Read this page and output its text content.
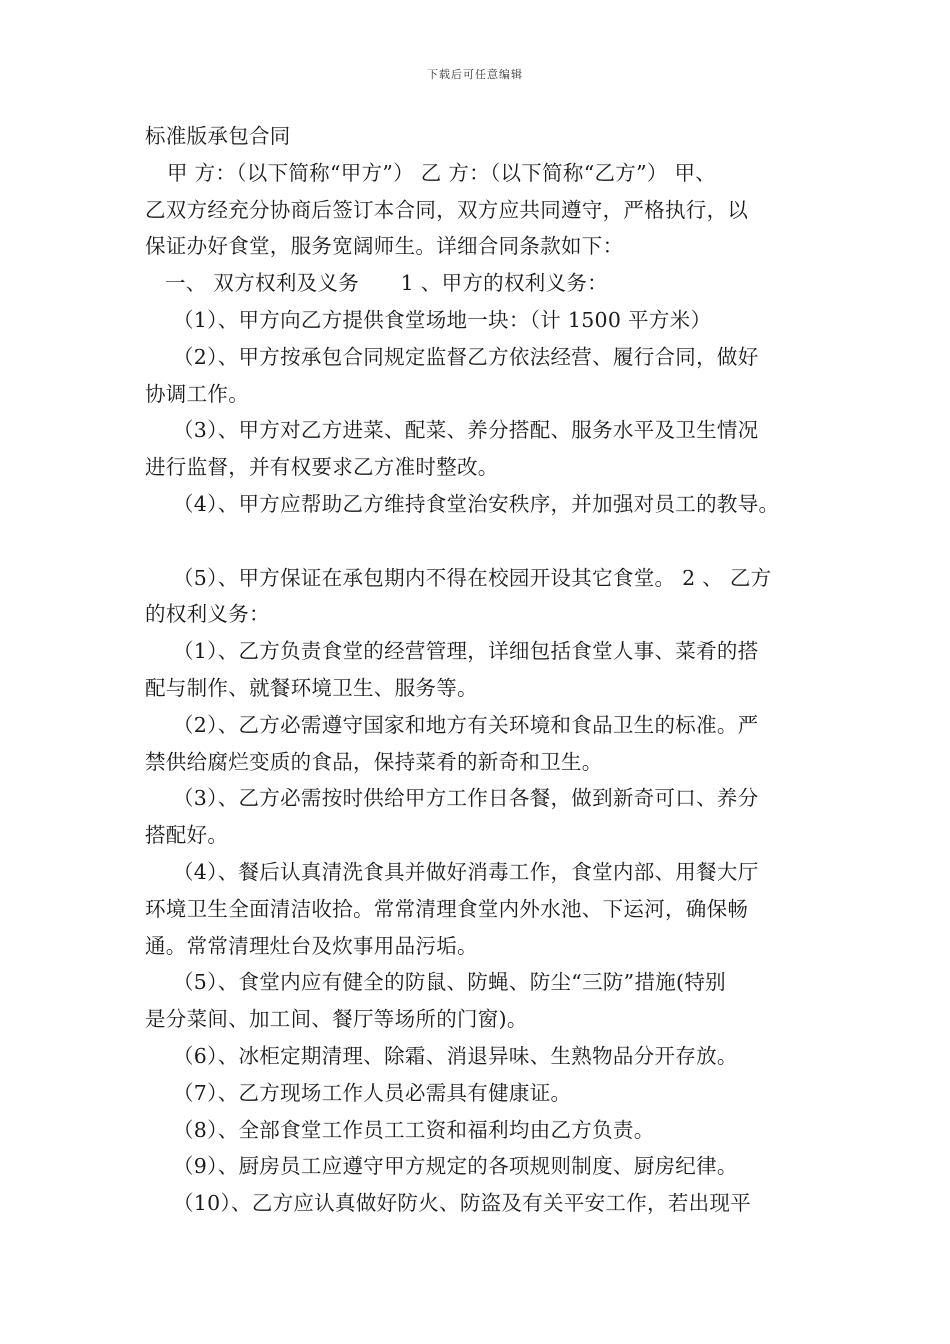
下载后可任意编辑

标准版承包合同

甲 方：（以下简称“甲方”） 乙 方：（以下简称“乙方”） 甲、

乙双方经充分协商后签订本合同，双方应共同遵守，严格执行，以

保证办好食堂，服务宽阔师生。详细合同条款如下：

一、 双方权利及义务　　1 、甲方的权利义务：

（1）、甲方向乙方提供食堂场地一块：（计 1500 平方米）

（2）、甲方按承包合同规定监督乙方依法经营、履行合同，做好

协调工作。

（3）、甲方对乙方进菜、配菜、养分搭配、服务水平及卫生情况

进行监督，并有权要求乙方准时整改。

（4）、甲方应帮助乙方维持食堂治安秩序，并加强对员工的教导。

（5）、甲方保证在承包期内不得在校园开设其它食堂。 2 、 乙方

的权利义务：

（1）、乙方负责食堂的经营管理，详细包括食堂人事、菜肴的搭

配与制作、就餐环境卫生、服务等。

（2）、乙方必需遵守国家和地方有关环境和食品卫生的标准。严

禁供给腐烂变质的食品，保持菜肴的新奇和卫生。

（3）、乙方必需按时供给甲方工作日各餐，做到新奇可口、养分

搭配好。

（4）、餐后认真清洗食具并做好消毒工作，食堂内部、用餐大厅

环境卫生全面清洁收拾。常常清理食堂内外水池、下运河，确保畅

通。常常清理灶台及炊事用品污垢。

（5）、食堂内应有健全的防鼠、防蝇、防尘“三防”措施(特别

是分菜间、加工间、餐厅等场所的门窗)。

（6）、冰柜定期清理、除霜、消退异味、生熟物品分开存放。

（7）、乙方现场工作人员必需具有健康证。

（8）、全部食堂工作员工工资和福利均由乙方负责。

（9）、厨房员工应遵守甲方规定的各项规则制度、厨房纪律。

（10）、乙方应认真做好防火、防盗及有关平安工作，若出现平
